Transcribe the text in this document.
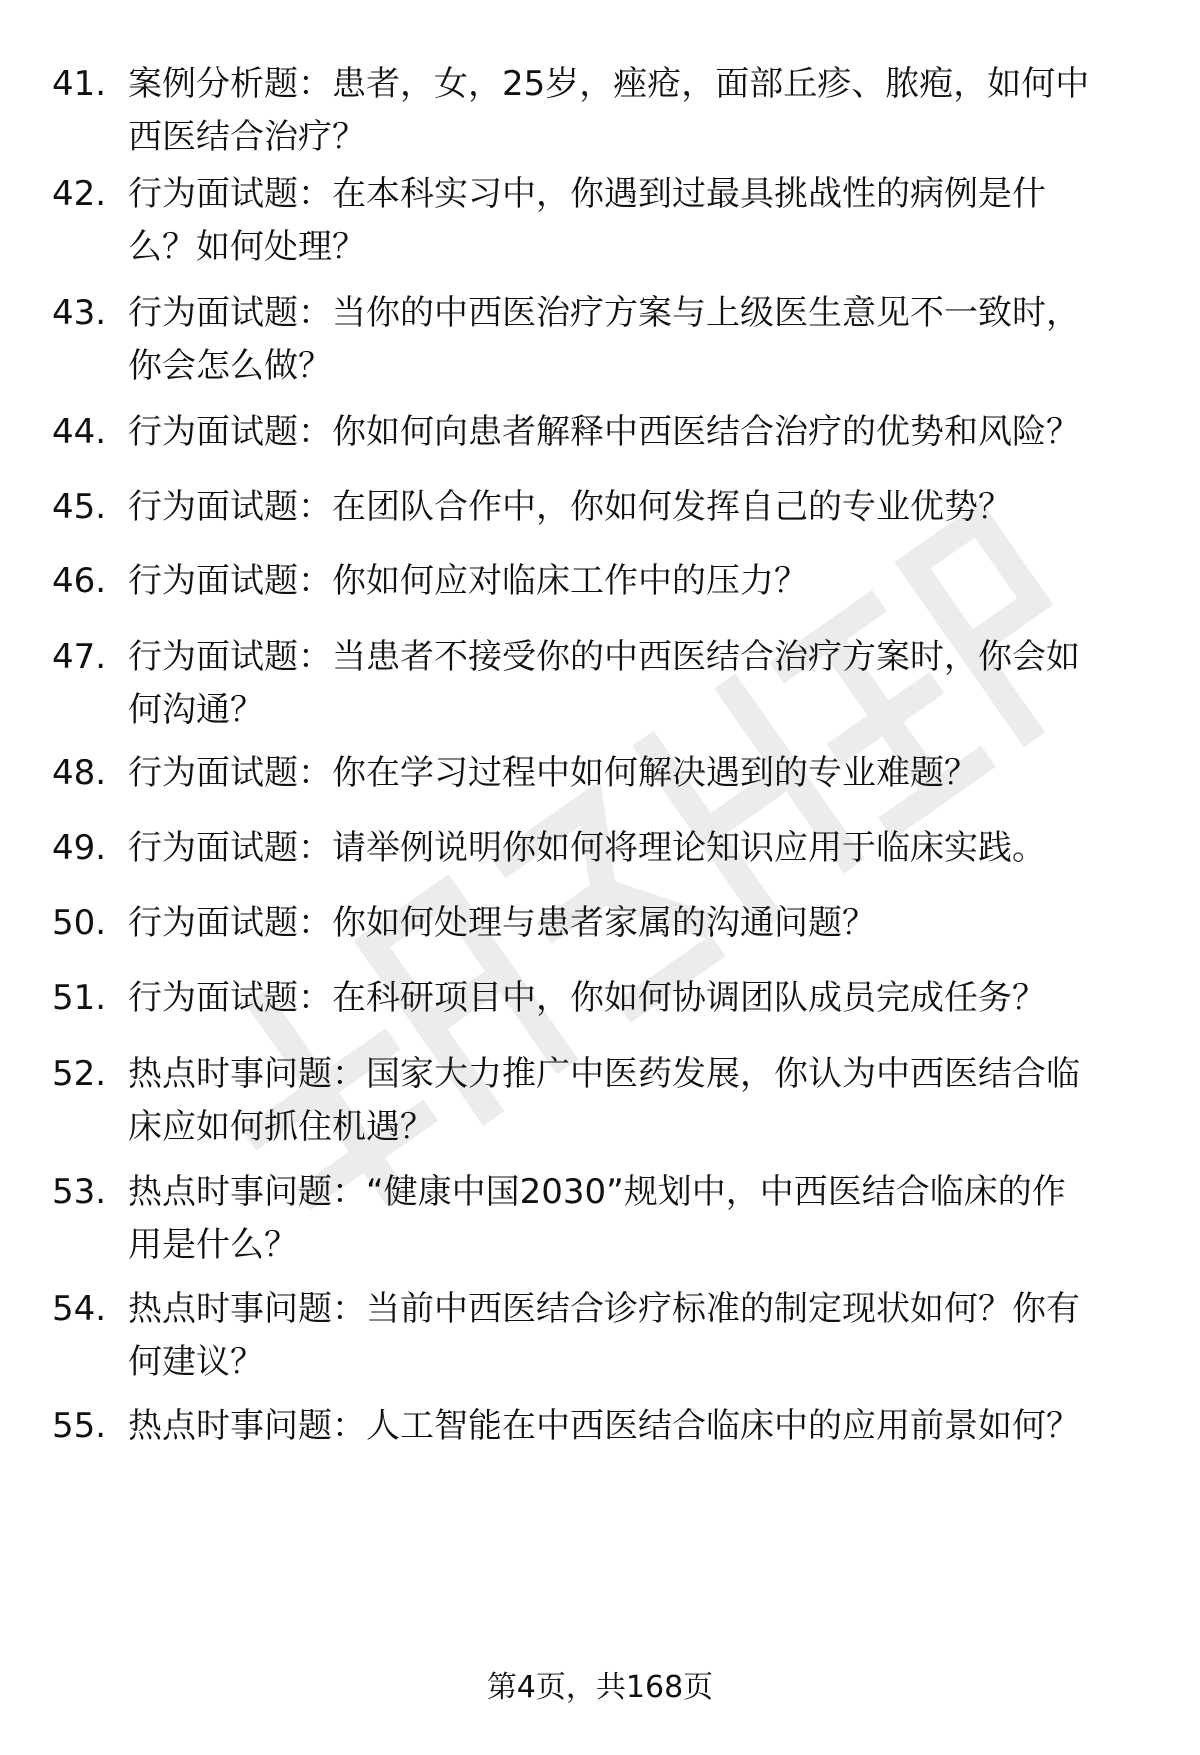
41. 案例分析题：患者，女，25岁，痤疮，面部丘疹、脓疱，如何中
西医结合治疗？
42. 行为面试题：在本科实习中，你遇到过最具挑战性的病例是什
么？如何处理？
43. 行为面试题：当你的中西医治疗方案与上级医生意见不一致时，
你会怎么做？
44. 行为面试题：你如何向患者解释中西医结合治疗的优势和风险？
45. 行为面试题：在团队合作中，你如何发挥自己的专业优势？
46. 行为面试题：你如何应对临床工作中的压力？
47. 行为面试题：当患者不接受你的中西医结合治疗方案时，你会如
何沟通？
48. 行为面试题：你在学习过程中如何解决遇到的专业难题？
49. 行为面试题：请举例说明你如何将理论知识应用于临床实践。
50. 行为面试题：你如何处理与患者家属的沟通问题？
51. 行为面试题：在科研项目中，你如何协调团队成员完成任务？
52. 热点时事问题：国家大力推广中医药发展，你认为中西医结合临
床应如何抓住机遇？
53. 热点时事问题：“健康中国2030”规划中，中西医结合临床的作
用是什么？
54. 热点时事问题：当前中西医结合诊疗标准的制定现状如何？你有
何建议？
55. 热点时事问题：人工智能在中西医结合临床中的应用前景如何？
第4页，共168页
